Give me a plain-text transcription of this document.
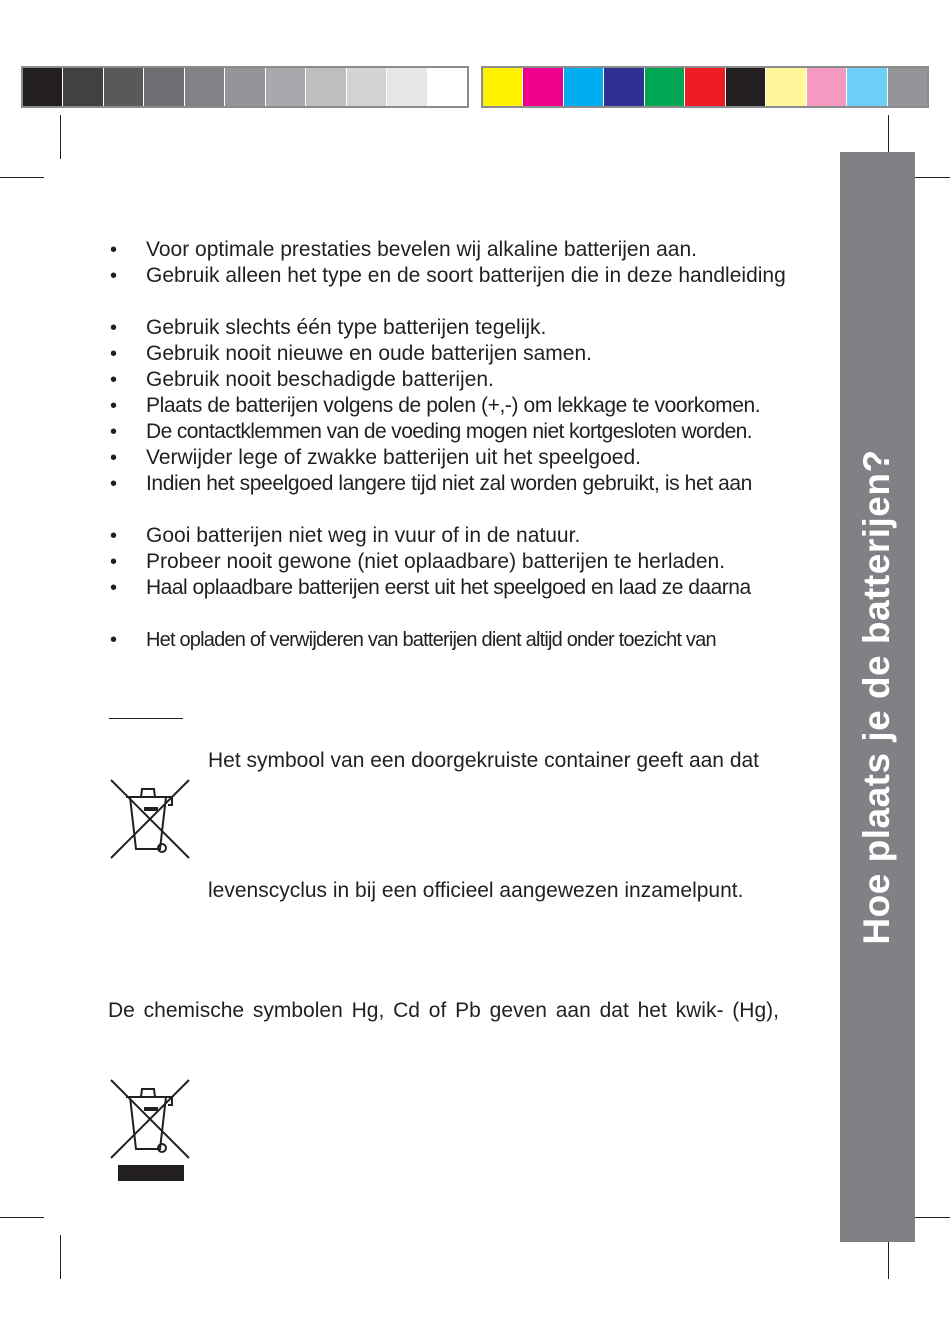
Hoe plaats je de batterijen?
• Voor optimale prestaties bevelen wij alkaline batterijen aan.
• Gebruik alleen het type en de soort batterijen die in deze handleiding
• Gebruik slechts één type batterijen tegelijk.
• Gebruik nooit nieuwe en oude batterijen samen.
• Gebruik nooit beschadigde batterijen.
• Plaats de batterijen volgens de polen (+,-) om lekkage te voorkomen.
• De contactklemmen van de voeding mogen niet kortgesloten worden.
• Verwijder lege of zwakke batterijen uit het speelgoed.
• Indien het speelgoed langere tijd niet zal worden gebruikt, is het aan
• Gooi batterijen niet weg in vuur of in de natuur.
• Probeer nooit gewone (niet oplaadbare) batterijen te herladen.
• Haal oplaadbare batterijen eerst uit het speelgoed en laad ze daarna
• Het opladen of verwijderen van batterijen dient altijd onder toezicht van
Het symbool van een doorgekruiste container geeft aan dat
levenscyclus in bij een officieel aangewezen inzamelpunt.
De chemische symbolen Hg, Cd of Pb geven aan dat het kwik- (Hg),
